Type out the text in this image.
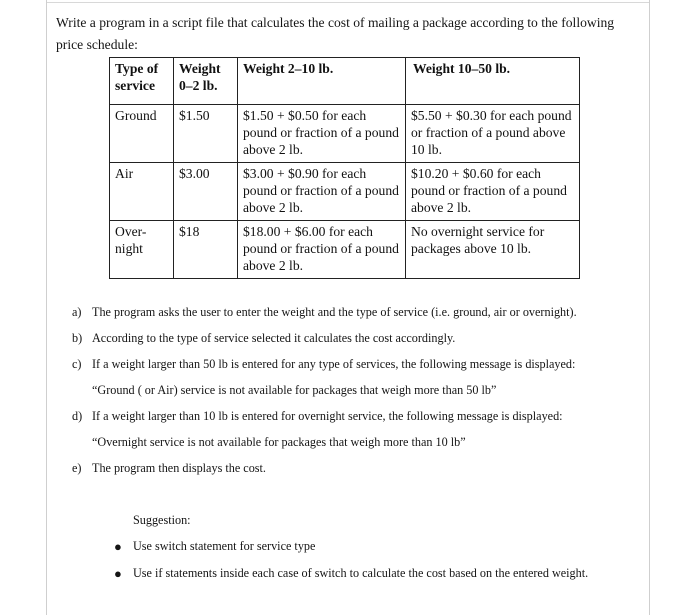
Write a program in a script file that calculates the cost of mailing a package according to the following price schedule:

Type of service	Weight 0–2 lb.	Weight 2–10 lb.	Weight 10–50 lb.

Ground	$1.50	$1.50 + $0.50 for each pound or fraction of a pound above 2 lb.	$5.50 + $0.30 for each pound or fraction of a pound above 10 lb.
Air	$3.00	$3.00 + $0.90 for each pound or fraction of a pound above 2 lb.	$10.20 + $0.60 for each pound or fraction of a pound above 2 lb.
Over-night	$18	$18.00 + $6.00 for each pound or fraction of a pound above 2 lb.	No overnight service for packages above 10 lb.
a) The program asks the user to enter the weight and the type of service (i.e. ground, air or overnight).
b) According to the type of service selected it calculates the cost accordingly.
c) If a weight larger than 50 lb is entered for any type of services, the following message is displayed:
“Ground ( or Air) service is not available for packages that weigh more than 50 lb”
d) If a weight larger than 10 lb is entered for overnight service, the following message is displayed:
“Overnight service is not available for packages that weigh more than 10 lb”
e) The program then displays the cost.
Suggestion:
● Use switch statement for service type
● Use if statements inside each case of switch to calculate the cost based on the entered weight.
